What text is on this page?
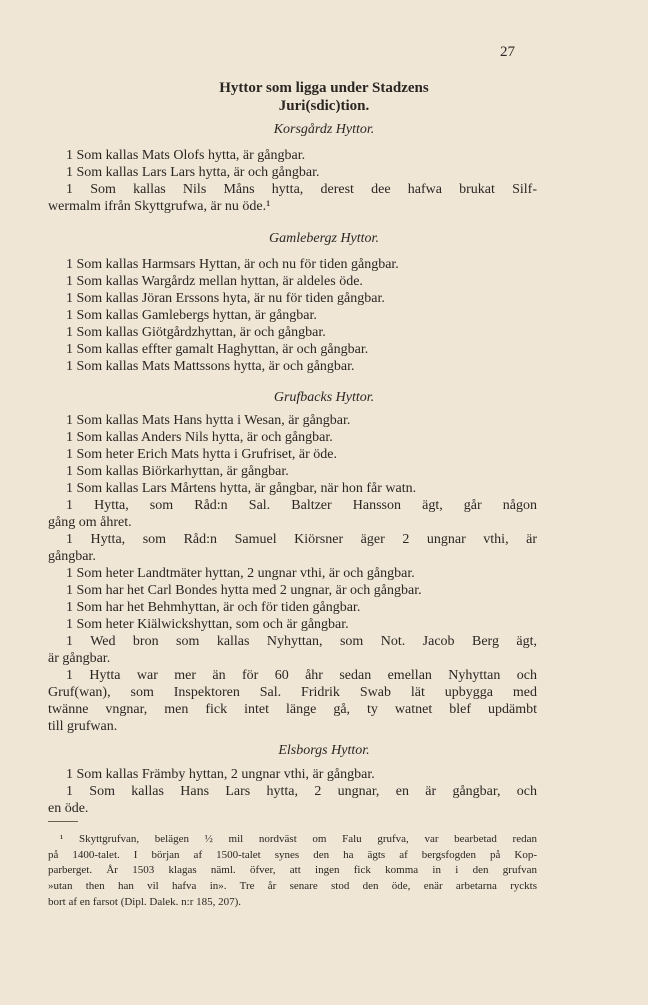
27
Hyttor som ligga under Stadzens
Juri(sdic)tion.
Korsgårdz Hyttor.
1 Som kallas Mats Olofs hytta, är gångbar.
1 Som kallas Lars Lars hytta, är och gångbar.
1 Som kallas Nils Måns hytta, derest dee hafwa brukat Silf-
wermalm ifrån Skyttgrufwa, är nu öde.¹
Gamlebergz Hyttor.
1 Som kallas Harmsars Hyttan, är och nu för tiden gångbar.
1 Som kallas Wargårdz mellan hyttan, är aldeles öde.
1 Som kallas Jöran Erssons hyta, är nu för tiden gångbar.
1 Som kallas Gamlebergs hyttan, är gångbar.
1 Som kallas Giötgårdzhyttan, är och gångbar.
1 Som kallas effter gamalt Haghyttan, är och gångbar.
1 Som kallas Mats Mattssons hytta, är och gångbar.
Grufbacks Hyttor.
1 Som kallas Mats Hans hytta i Wesan, är gångbar.
1 Som kallas Anders Nils hytta, är och gångbar.
1 Som heter Erich Mats hytta i Grufriset, är öde.
1 Som kallas Biörkarhyttan, är gångbar.
1 Som kallas Lars Mårtens hytta, är gångbar, när hon får watn.
1 Hytta, som Råd:n Sal. Baltzer Hansson ägt, går någon
gång om åhret.
1 Hytta, som Råd:n Samuel Kiörsner äger 2 ungnar vthi, är
gångbar.
1 Som heter Landtmäter hyttan, 2 ungnar vthi, är och gångbar.
1 Som har het Carl Bondes hytta med 2 ungnar, är och gångbar.
1 Som har het Behmhyttan, är och för tiden gångbar.
1 Som heter Kiälwickshyttan, som och är gångbar.
1 Wed bron som kallas Nyhyttan, som Not. Jacob Berg ägt,
är gångbar.
1 Hytta war mer än för 60 åhr sedan emellan Nyhyttan och
Gruf(wan), som Inspektoren Sal. Fridrik Swab lät upbygga med
twänne vngnar, men fick intet länge gå, ty watnet blef updämbt
till grufwan.
Elsborgs Hyttor.
1 Som kallas Främby hyttan, 2 ungnar vthi, är gångbar.
1 Som kallas Hans Lars hytta, 2 ungnar, en är gångbar, och
en öde.
¹ Skyttgrufvan, belägen ½ mil nordväst om Falu grufva, var bearbetad redan
på 1400-talet. I början af 1500-talet synes den ha ägts af bergsfogden på Kop-
parberget. År 1503 klagas näml. öfver, att ingen fick komma in i den grufvan
»utan then han vil hafva in». Tre år senare stod den öde, enär arbetarna ryckts
bort af en farsot (Dipl. Dalek. n:r 185, 207).
